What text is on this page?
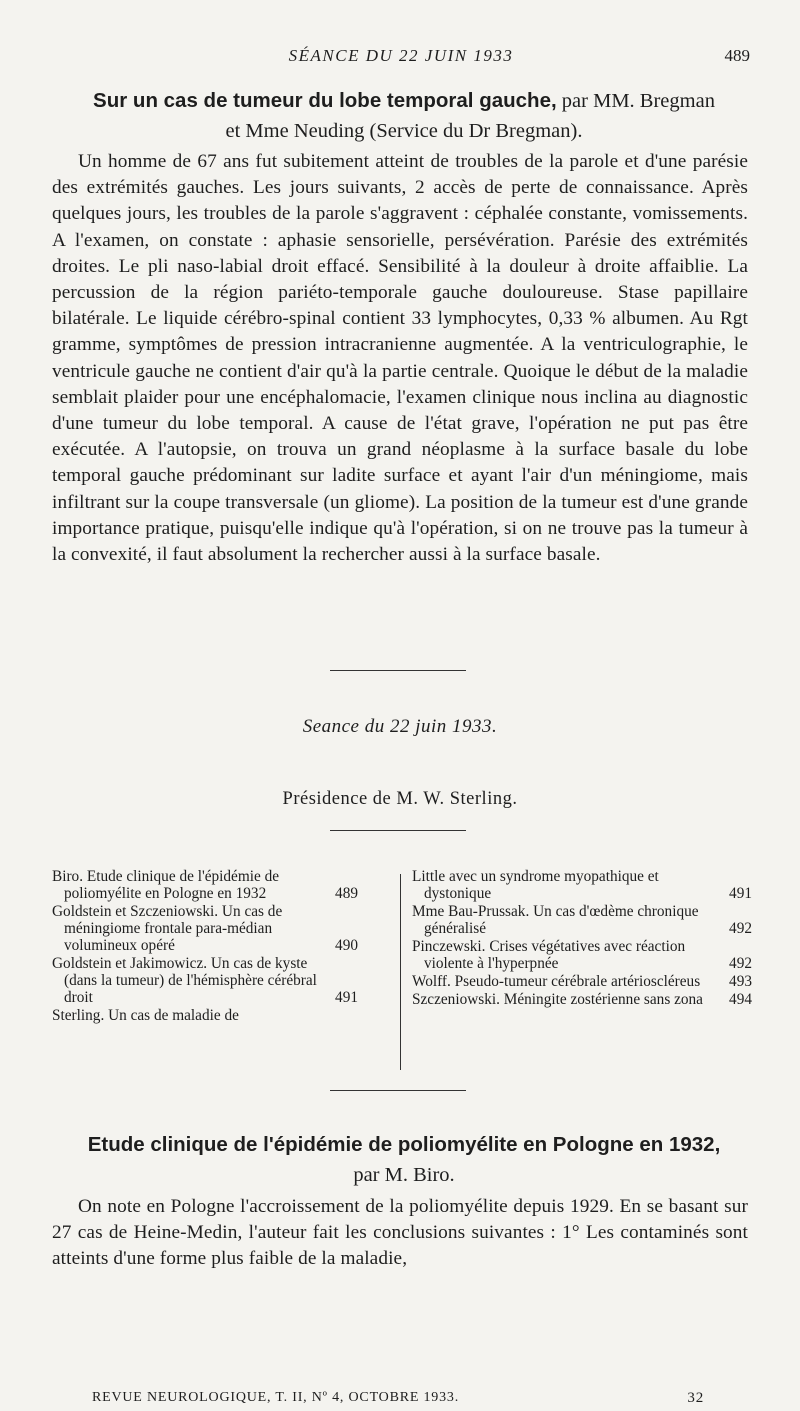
SÉANCE DU 22 JUIN 1933	489
Sur un cas de tumeur du lobe temporal gauche, par MM. Bregman
et Mme Neuding (Service du Dr Bregman).

Un homme de 67 ans fut subitement atteint de troubles de la parole et d'une parésie des extrémités gauches. Les jours suivants, 2 accès de perte de connaissance. Après quelques jours, les troubles de la parole s'aggravent : céphalée constante, vomissements. A l'examen, on constate : aphasie sensorielle, persévération. Parésie des extrémités droites. Le pli naso-labial droit effacé. Sensibilité à la douleur à droite affaiblie. La percussion de la région pariéto-temporale gauche douloureuse. Stase papillaire bilatérale. Le liquide cérébro-spinal contient 33 lymphocytes, 0,33 % albumen. Au Rgt gramme, symptômes de pression intracranienne augmentée. A la ventriculographie, le ventricule gauche ne contient d'air qu'à la partie centrale. Quoique le début de la maladie semblait plaider pour une encéphalomacie, l'examen clinique nous inclina au diagnostic d'une tumeur du lobe temporal. A cause de l'état grave, l'opération ne put pas être exécutée. A l'autopsie, on trouva un grand néoplasme à la surface basale du lobe temporal gauche prédominant sur ladite surface et ayant l'air d'un méningiome, mais infiltrant sur la coupe transversale (un gliome). La position de la tumeur est d'une grande importance pratique, puisqu'elle indique qu'à l'opération, si on ne trouve pas la tumeur à la convexité, il faut absolument la rechercher aussi à la surface basale.

Seance du 22 juin 1933.
Présidence de M. W. Sterling.
Biro. Etude clinique de l'épidémie de poliomyélite en Pologne en 1932	489
Goldstein et Szczeniowski. Un cas de méningiome frontale para-médian volumineux opéré	490
Goldstein et Jakimowicz. Un cas de kyste (dans la tumeur) de l'hémisphère cérébral droit	491
Sterling. Un cas de maladie de
Little avec un syndrome myopathique et dystonique	491
Mme Bau-Prussak. Un cas d'œdème chronique généralisé	492
Pinczewski. Crises végétatives avec réaction violente à l'hyperpnée	492
Wolff. Pseudo-tumeur cérébrale artérioscléreus	493
Szczeniowski. Méningite zostérienne sans zona	494
Etude clinique de l'épidémie de poliomyélite en Pologne en 1932,
par M. Biro.

On note en Pologne l'accroissement de la poliomyélite depuis 1929. En se basant sur 27 cas de Heine-Medin, l'auteur fait les conclusions suivantes : 1° Les contaminés sont atteints d'une forme plus faible de la maladie,

REVUE NEUROLOGIQUE, T. II, Nº 4, OCTOBRE 1933.	32
